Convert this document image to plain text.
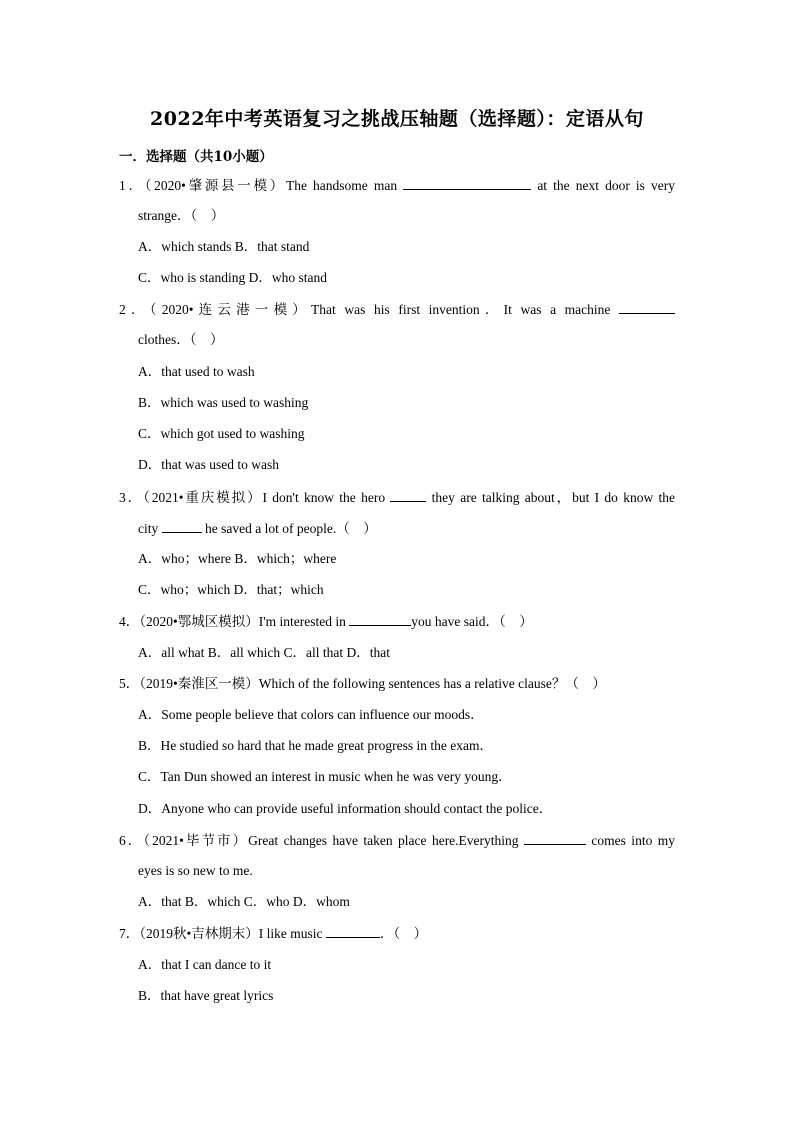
2022年中考英语复习之挑战压轴题（选择题）：定语从句
一．选择题（共10小题）
1．（2020•肇源县一模）The handsome man	at the next door is very
strange．（　）
A．which stands B．that stand
C．who is standing D．who stand
2．（2020•连云港一模）That was his first invention．It was a machine
clothes．（　）
A．that used to wash
B．which was used to washing
C．which got used to washing
D．that was used to wash
3．（2021•重庆模拟）I don't know the hero	they are talking about，but I do know the
city	he saved a lot of people.（　）
A．who；where B．which；where
C．who；which D．that；which
4．（2020•鄂城区模拟）I'm interested in	you have said．（　）
A．all what B．all which C．all that D．that
5．（2019•秦淮区一模）Which of the following sentences has a relative clause？（　）
A．Some people believe that colors can influence our moods．
B．He studied so hard that he made great progress in the exam．
C．Tan Dun showed an interest in music when he was very young．
D．Anyone who can provide useful information should contact the police．
6．（2021•毕节市）Great changes have taken place here.Everything	comes into my
eyes is so new to me.
A．that B．which C．who D．whom
7．（2019秋•吉林期末）I like music	．（　）
A．that I can dance to it
B．that have great lyrics
